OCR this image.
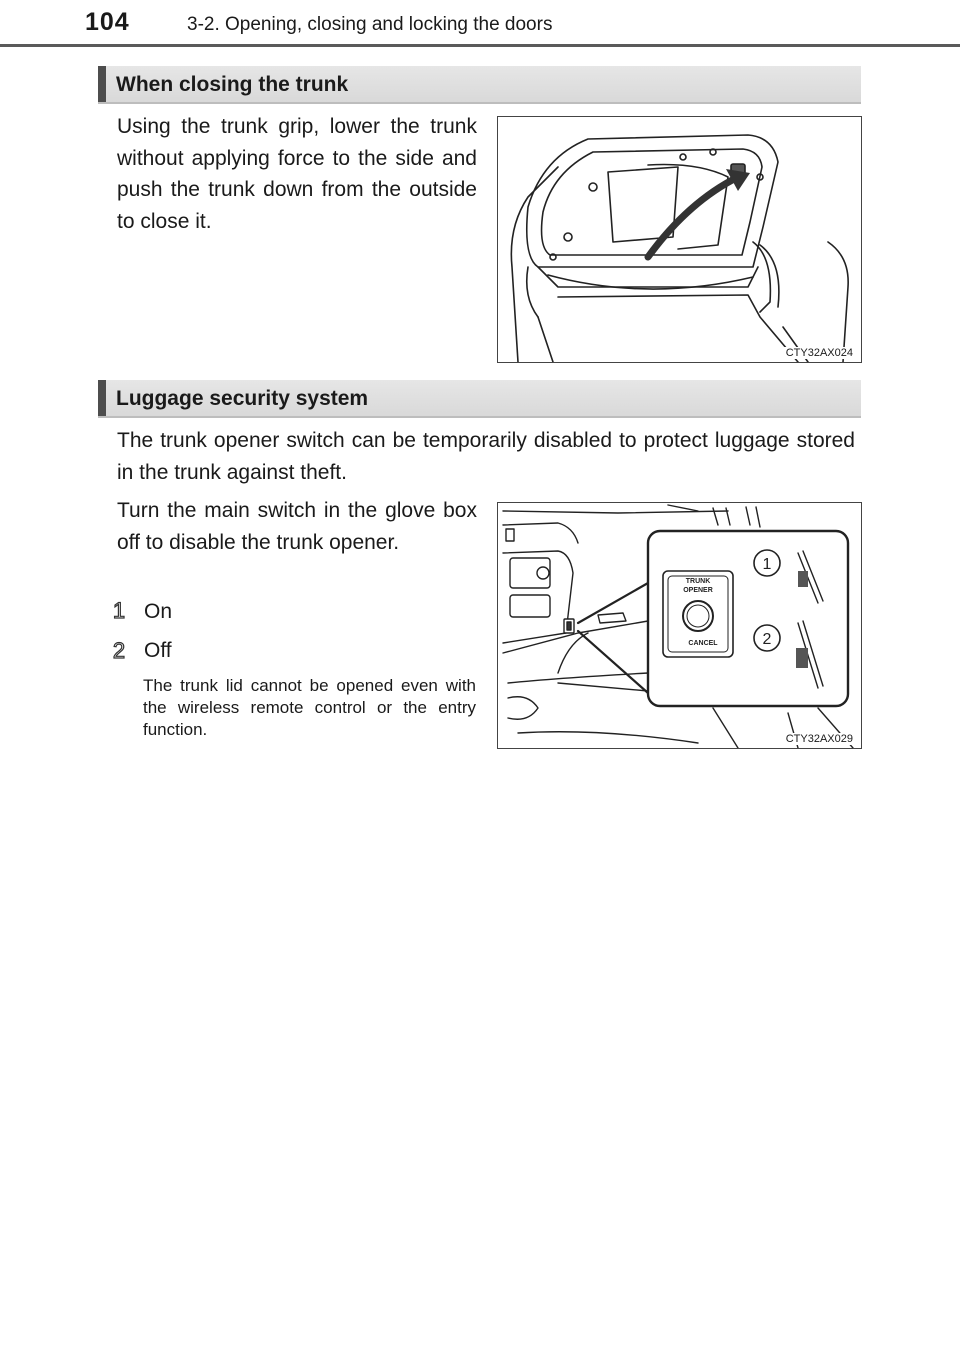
104	3-2. Opening, closing and locking the doors
When closing the trunk
Using the trunk grip, lower the trunk without applying force to the side and push the trunk down from the outside to close it.
CTY32AX024
Luggage security system
The trunk opener switch can be temporarily disabled to protect luggage stored in the trunk against theft.
Turn the main switch in the glove box off to disable the trunk opener.
1 On
2 Off
The trunk lid cannot be opened even with the wireless remote control or the entry function.
TRUNK
OPENER
CANCEL
1
2
CTY32AX029
